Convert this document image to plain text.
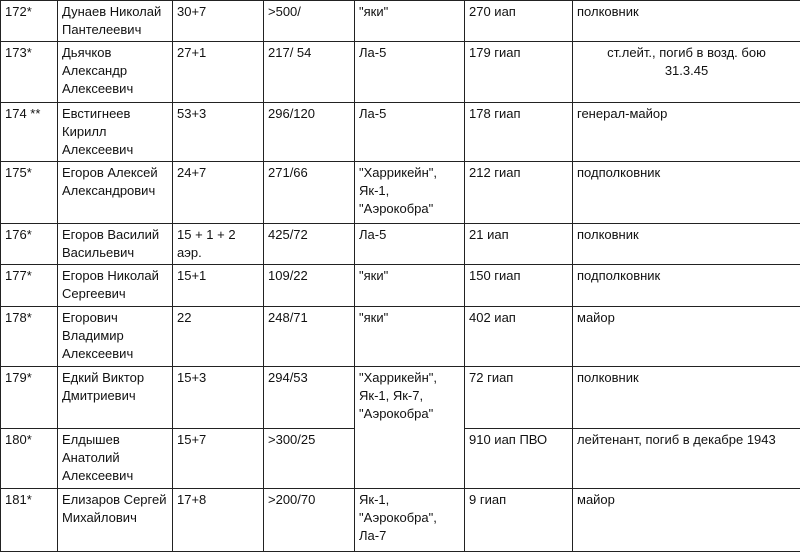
172*	Дунаев Николай
Пантелеевич	30+7	>500/	"яки"	270 иап	полковник
173*	Дьячков
Александр
Алексеевич	27+1	217/ 54	Ла-5	179 гиап	ст.лейт., погиб в возд. бою
31.3.45
174 **	Евстигнеев
Кирилл
Алексеевич	53+3	296/120	Ла-5	178 гиап	генерал-майор
175*	Егоров Алексей
Александрович	24+7	271/66	"Харрикейн",
Як-1,
"Аэрокобра"	212 гиап	подполковник
176*	Егоров Василий
Васильевич	15 + 1 + 2
аэр.	425/72	Ла-5	21 иап	полковник
177*	Егоров Николай
Сергеевич	15+1	109/22	"яки"	150 гиап	подполковник
178*	Егорович
Владимир
Алексеевич	22	248/71	"яки"	402 иап	майор
179*	Едкий Виктор
Дмитриевич	15+3	294/53	"Харрикейн",
Як-1, Як-7,
"Аэрокобра"	72 гиап	полковник
180*	Елдышев
Анатолий
Алексеевич	15+7	>300/25		910 иап ПВО	лейтенант, погиб в декабре 1943
181*	Елизаров Сергей
Михайлович	17+8	>200/70	Як-1,
"Аэрокобра",
Ла-7	9 гиап	майор
